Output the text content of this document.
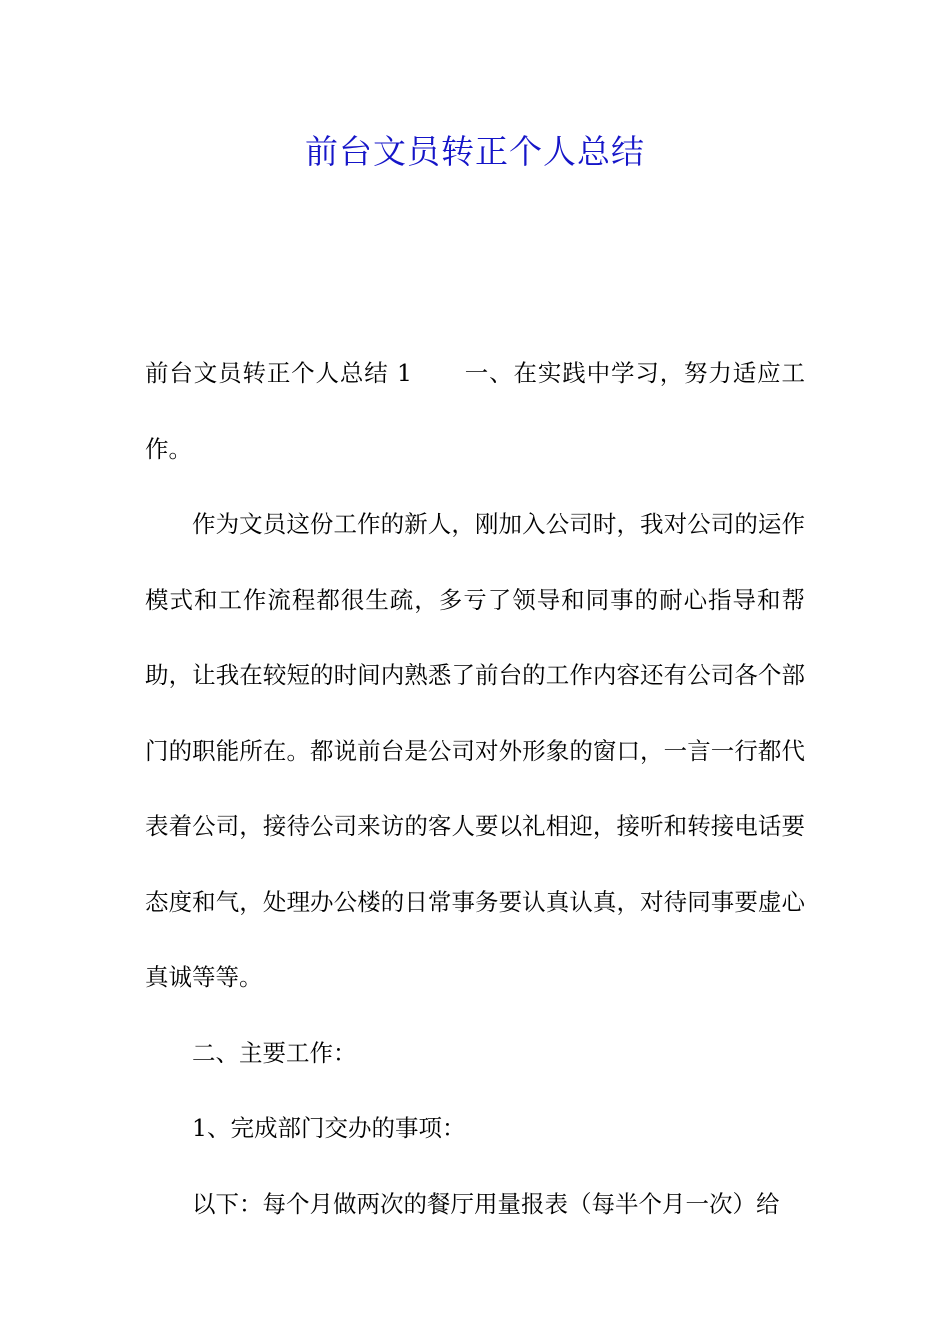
前台文员转正个人总结

前台文员转正个人总结 1 一、在实践中学习，努力适应工作。

作为文员这份工作的新人，刚加入公司时，我对公司的运作模式和工作流程都很生疏，多亏了领导和同事的耐心指导和帮助，让我在较短的时间内熟悉了前台的工作内容还有公司各个部门的职能所在。都说前台是公司对外形象的窗口，一言一行都代表着公司，接待公司来访的客人要以礼相迎，接听和转接电话要态度和气，处理办公楼的日常事务要认真认真，对待同事要虚心真诚等等。

二、主要工作：

1、完成部门交办的事项：

以下：每个月做两次的餐厅用量报表（每半个月一次）给
